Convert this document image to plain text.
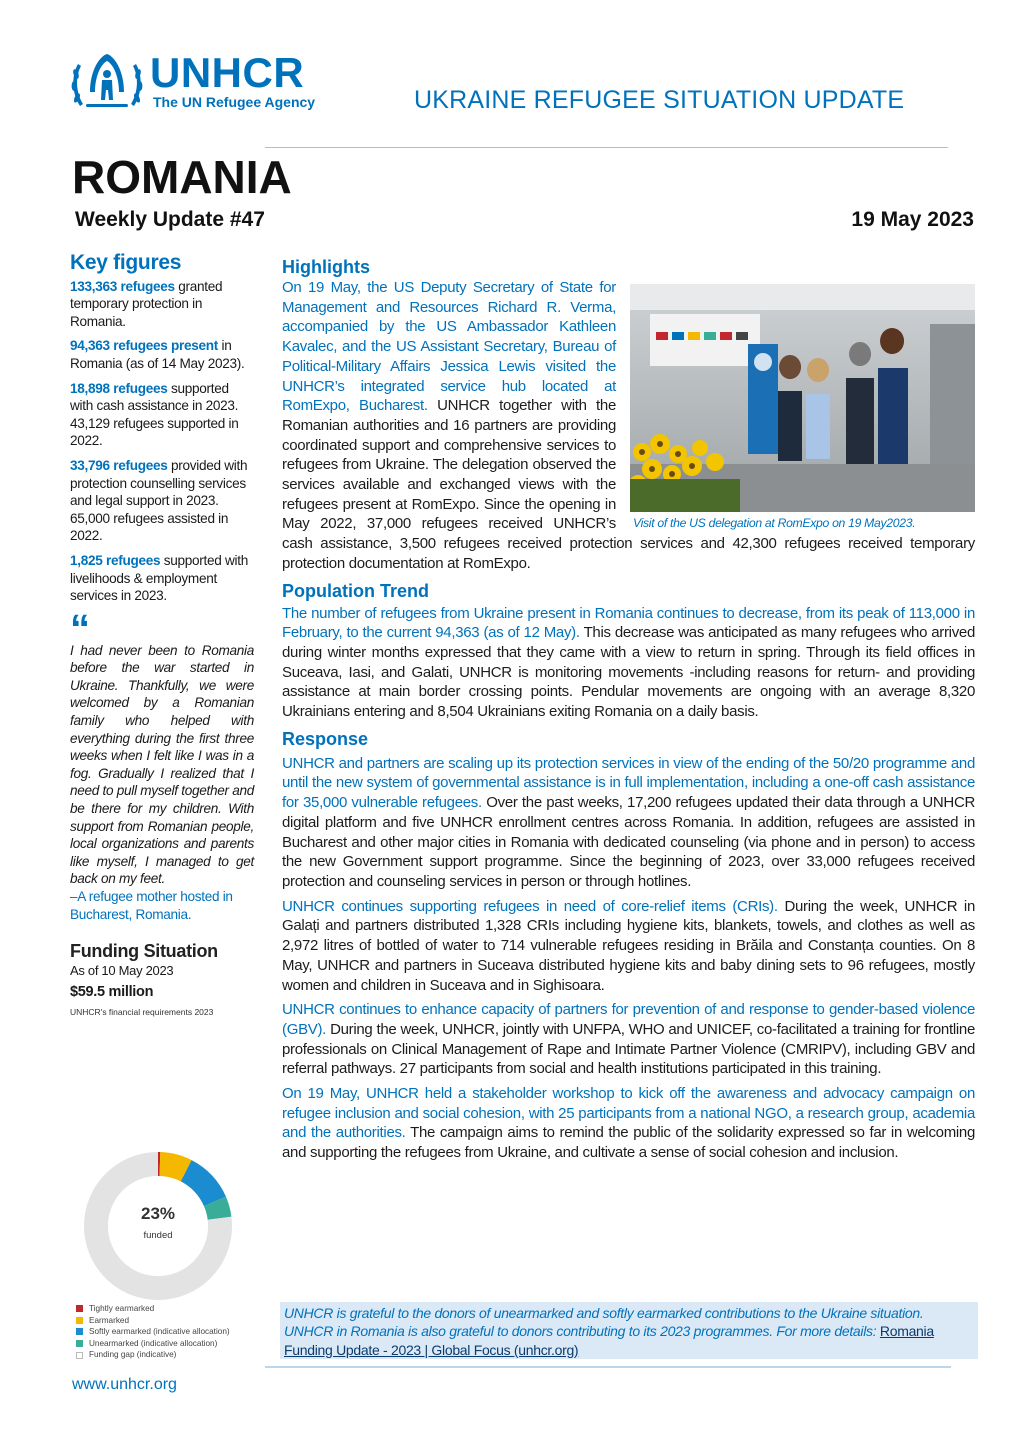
UNHCR
The UN Refugee Agency	UKRAINE REFUGEE SITUATION UPDATE
ROMANIA
Weekly Update #47	19 May 2023
Key figures
133,363 refugees granted temporary protection in Romania.
94,363 refugees present in Romania (as of 14 May 2023).
18,898 refugees supported with cash assistance in 2023. 43,129 refugees supported in 2022.
33,796 refugees provided with protection counselling services and legal support in 2023. 65,000 refugees assisted in 2022.
1,825 refugees supported with livelihoods & employment services in 2023.
“
I had never been to Romania before the war started in Ukraine. Thankfully, we were welcomed by a Romanian family who helped with everything during the first three weeks when I felt like I was in a fog. Gradually I realized that I need to pull myself together and be there for my children. With support from Romanian people, local organizations and parents like myself, I managed to get back on my feet.
–A refugee mother hosted in Bucharest, Romania.
Funding Situation
As of 10 May 2023
$59.5 million
UNHCR's financial requirements 2023
23%
funded
Tightly earmarked
Earmarked
Softly earmarked (indicative allocation)
Unearmarked (indicative allocation)
Funding gap (indicative)
www.unhcr.org
Highlights
Visit of the US delegation at RomExpo on 19 May2023.
On 19 May, the US Deputy Secretary of State for Management and Resources Richard R. Verma, accompanied by the US Ambassador Kathleen Kavalec, and the US Assistant Secretary, Bureau of Political-Military Affairs Jessica Lewis visited the UNHCR’s integrated service hub located at RomExpo, Bucharest. UNHCR together with the Romanian authorities and 16 partners are providing coordinated support and comprehensive services to refugees from Ukraine. The delegation observed the services available and exchanged views with the refugees present at RomExpo. Since the opening in May 2022, 37,000 refugees received UNHCR’s cash assistance, 3,500 refugees received protection services and 42,300 refugees received temporary protection documentation at RomExpo.
Population Trend
The number of refugees from Ukraine present in Romania continues to decrease, from its peak of 113,000 in February, to the current 94,363 (as of 12 May). This decrease was anticipated as many refugees who arrived during winter months expressed that they came with a view to return in spring. Through its field offices in Suceava, Iasi, and Galati, UNHCR is monitoring movements -including reasons for return- and providing assistance at main border crossing points. Pendular movements are ongoing with an average 8,320 Ukrainians entering and 8,504 Ukrainians exiting Romania on a daily basis.
Response
UNHCR and partners are scaling up its protection services in view of the ending of the 50/20 programme and until the new system of governmental assistance is in full implementation, including a one-off cash assistance for 35,000 vulnerable refugees. Over the past weeks, 17,200 refugees updated their data through a UNHCR digital platform and five UNHCR enrollment centres across Romania. In addition, refugees are assisted in Bucharest and other major cities in Romania with dedicated counseling (via phone and in person) to access the new Government support programme. Since the beginning of 2023, over 33,000 refugees received protection and counseling services in person or through hotlines.
UNHCR continues supporting refugees in need of core-relief items (CRIs). During the week, UNHCR in Galați and partners distributed 1,328 CRIs including hygiene kits, blankets, towels, and clothes as well as 2,972 litres of bottled of water to 714 vulnerable refugees residing in Brăila and Constanța counties. On 8 May, UNHCR and partners in Suceava distributed hygiene kits and baby dining sets to 96 refugees, mostly women and children in Suceava and in Sighisoara.
UNHCR continues to enhance capacity of partners for prevention of and response to gender-based violence (GBV). During the week, UNHCR, jointly with UNFPA, WHO and UNICEF, co-facilitated a training for frontline professionals on Clinical Management of Rape and Intimate Partner Violence (CMRIPV), including GBV and referral pathways. 27 participants from social and health institutions participated in this training.
On 19 May, UNHCR held a stakeholder workshop to kick off the awareness and advocacy campaign on refugee inclusion and social cohesion, with 25 participants from a national NGO, a research group, academia and the authorities. The campaign aims to remind the public of the solidarity expressed so far in welcoming and supporting the refugees from Ukraine, and cultivate a sense of social cohesion and inclusion.
UNHCR is grateful to the donors of unearmarked and softly earmarked contributions to the Ukraine situation. UNHCR in Romania is also grateful to donors contributing to its 2023 programmes. For more details: Romania Funding Update - 2023 | Global Focus (unhcr.org)
